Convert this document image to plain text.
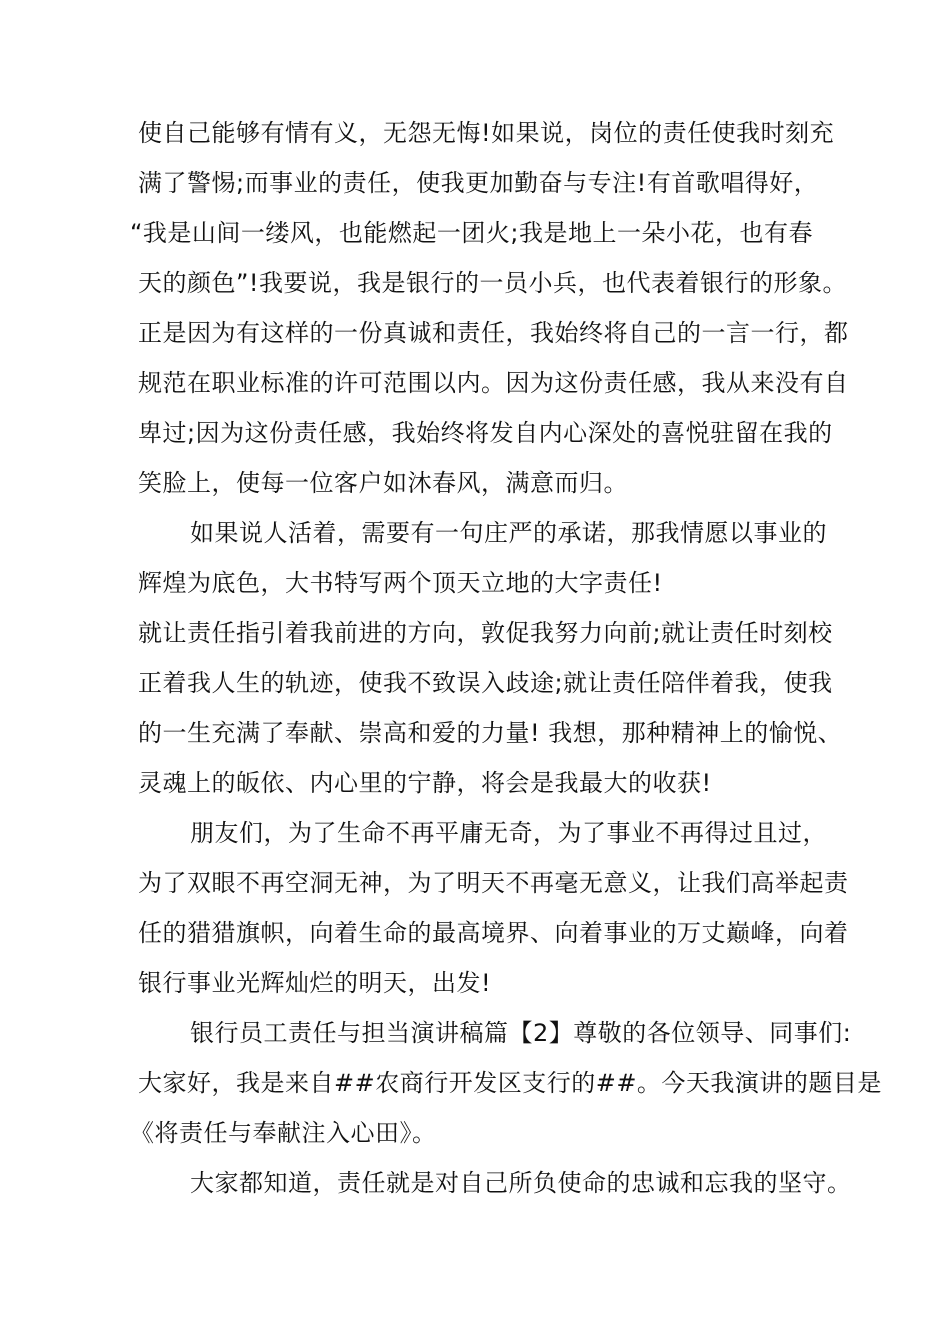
使自己能够有情有义，无怨无悔!如果说，岗位的责任使我时刻充
满了警惕;而事业的责任，使我更加勤奋与专注!有首歌唱得好，
“我是山间一缕风，也能燃起一团火;我是地上一朵小花，也有春
天的颜色”!我要说，我是银行的一员小兵，也代表着银行的形象。
正是因为有这样的一份真诚和责任，我始终将自己的一言一行，都
规范在职业标准的许可范围以内。因为这份责任感，我从来没有自
卑过;因为这份责任感，我始终将发自内心深处的喜悦驻留在我的
笑脸上，使每一位客户如沐春风，满意而归。
如果说人活着，需要有一句庄严的承诺，那我情愿以事业的
辉煌为底色，大书特写两个顶天立地的大字责任!
就让责任指引着我前进的方向，敦促我努力向前;就让责任时刻校
正着我人生的轨迹，使我不致误入歧途;就让责任陪伴着我，使我
的一生充满了奉献、崇高和爱的力量! 我想，那种精神上的愉悦、
灵魂上的皈依、内心里的宁静，将会是我最大的收获!
朋友们，为了生命不再平庸无奇，为了事业不再得过且过，
为了双眼不再空洞无神，为了明天不再毫无意义，让我们高举起责
任的猎猎旗帜，向着生命的最高境界、向着事业的万丈巅峰，向着
银行事业光辉灿烂的明天，出发!
银行员工责任与担当演讲稿篇【2】尊敬的各位领导、同事们:
大家好，我是来自##农商行开发区支行的##。今天我演讲的题目是
《将责任与奉献注入心田》。
大家都知道，责任就是对自己所负使命的忠诚和忘我的坚守。
